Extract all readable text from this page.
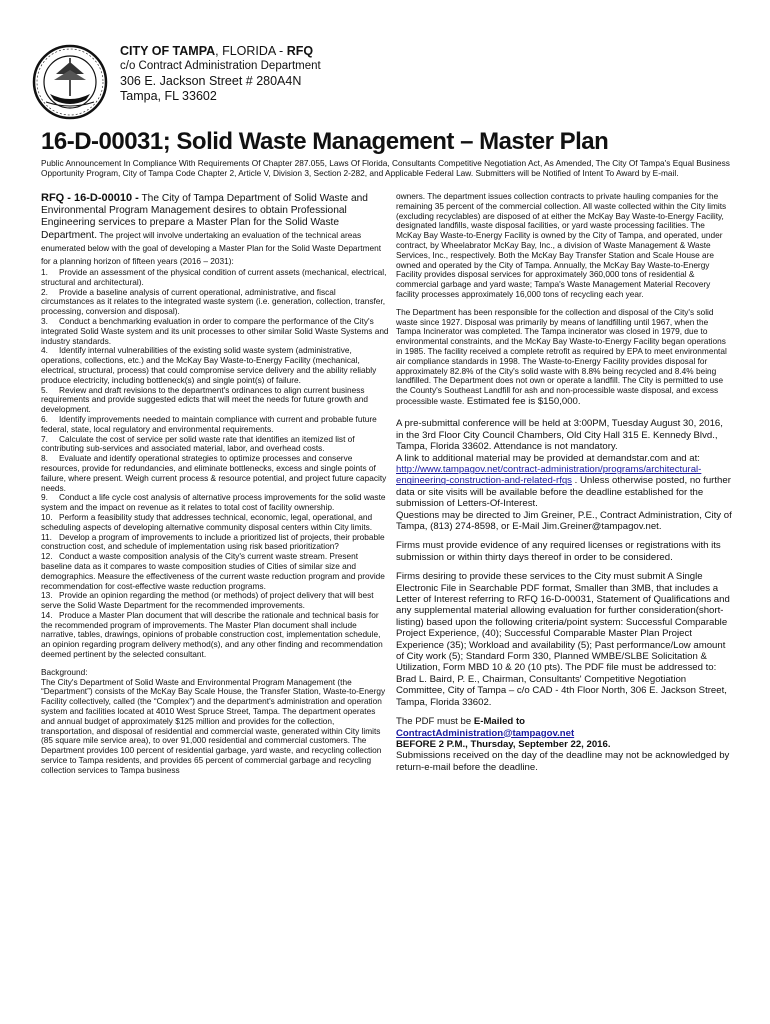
CITY OF TAMPA, FLORIDA - RFQ
c/o Contract Administration Department
306 E. Jackson Street # 280A4N
Tampa, FL 33602
16-D-00031; Solid Waste Management – Master Plan
Public Announcement In Compliance With Requirements Of Chapter 287.055, Laws Of Florida, Consultants Competitive Negotiation Act, As Amended, The City Of Tampa's Equal Business Opportunity Program, City of Tampa Code Chapter 2, Article V, Division 3, Section 2-282, and Applicable Federal Law. Submitters will be Notified of Intent To Award by E-mail.

RFQ - 16-D-00010 - The City of Tampa Department of Solid Waste and Environmental Program Management desires to obtain Professional Engineering services to prepare a Master Plan for the Solid Waste Department. The project will involve undertaking an evaluation of the technical areas enumerated below with the goal of developing a Master Plan for the Solid Waste Department for a planning horizon of fifteen years (2016 – 2031):

1. Provide an assessment of the physical condition of current assets (mechanical, electrical, structural and architectural).
2. Provide a baseline analysis of current operational, administrative, and fiscal circumstances as it relates to the integrated waste system (i.e. generation, collection, transfer, processing, conversion and disposal).
3. Conduct a benchmarking evaluation in order to compare the performance of the City's integrated Solid Waste system and its unit processes to other similar Solid Waste Systems and industry standards.
4. Identify internal vulnerabilities of the existing solid waste system (administrative, operations, collections, etc.) and the McKay Bay Waste-to-Energy Facility (mechanical, electrical, structural, process) that could compromise service delivery and the ability reliably produce electricity, including bottleneck(s) and single point(s) of failure.
5. Review and draft revisions to the department's ordinances to align current business requirements and provide suggested edicts that will meet the needs for future growth and development.
6. Identify improvements needed to maintain compliance with current and probable future federal, state, local regulatory and environmental requirements.
7. Calculate the cost of service per solid waste rate that identifies an itemized list of contributing sub-services and associated material, labor, and overhead costs.
8. Evaluate and identify operational strategies to optimize processes and conserve resources, provide for redundancies, and eliminate bottlenecks, excess and single points of failure, where present. Weigh current process & resource potential, and project future capacity needs.
9. Conduct a life cycle cost analysis of alternative process improvements for the solid waste system and the impact on revenue as it relates to total cost of facility ownership.
10. Perform a feasibility study that addresses technical, economic, legal, operational, and scheduling aspects of developing alternative community disposal centers within City limits.
11. Develop a program of improvements to include a prioritized list of projects, their probable construction cost, and schedule of implementation using risk based prioritization?
12. Conduct a waste composition analysis of the City's current waste stream. Present baseline data as it compares to waste composition studies of Cities of similar size and demographics. Measure the effectiveness of the current waste reduction program and provide recommendation for cost-effective waste reduction programs.
13. Provide an opinion regarding the method (or methods) of project delivery that will best serve the Solid Waste Department for the recommended improvements.
14. Produce a Master Plan document that will describe the rationale and technical basis for the recommended program of improvements. The Master Plan document shall include narrative, tables, drawings, opinions of probable construction cost, implementation schedule, an opinion regarding program delivery method(s), and any other finding and recommendation deemed pertinent by the selected consultant.

Background:

The City's Department of Solid Waste and Environmental Program Management (the “Department”) consists of the McKay Bay Scale House, the Transfer Station, Waste-to-Energy Facility collectively, called (the “Complex”) and the department's administration and operation system and facilities located at 4010 West Spruce Street, Tampa. The department operates and annual budget of approximately $125 million and provides for the collection, transportation, and disposal of residential and commercial waste, generated within City limits (85 square mile service area), to over 91,000 residential and commercial customers. The Department provides 100 percent of residential garbage, yard waste, and recycling collection service to Tampa residents, and provides 65 percent of commercial garbage and recycling collection services to Tampa business

owners. The department issues collection contracts to private hauling companies for the remaining 35 percent of the commercial collection. All waste collected within the City limits (excluding recyclables) are disposed of at either the McKay Bay Waste-to-Energy Facility, designated landfills, waste disposal facilities, or yard waste processing facilities. The McKay Bay Waste-to-Energy Facility is owned by the City of Tampa, and operated, under contract, by Wheelabrator McKay Bay, Inc., a division of Waste Management & Waste Services, Inc., respectively. Both the McKay Bay Transfer Station and Scale House are owned and operated by the City of Tampa. Annually, the McKay Bay Waste-to-Energy Facility provides disposal services for approximately 360,000 tons of residential & commercial garbage and yard waste; Tampa's Waste Management Material Recovery facility processes approximately 16,000 tons of recycling each year.

The Department has been responsible for the collection and disposal of the City's solid waste since 1927. Disposal was primarily by means of landfilling until 1967, when the Tampa Incinerator was completed. The Tampa incinerator was closed in 1979, due to environmental constraints, and the McKay Bay Waste-to-Energy Facility began operations in 1985. The facility received a complete retrofit as required by EPA to meet environmental air compliance standards in 1998. The Waste-to-Energy Facility provides disposal for approximately 82.8% of the City's solid waste with 8.8% being recycled and 8.4% being landfilled. The Department does not own or operate a landfill. The City is permitted to use the County's Southeast Landfill for ash and non-processible waste disposal, and excess processible waste. Estimated fee is $150,000.

A pre-submittal conference will be held at 3:00PM, Tuesday August 30, 2016, in the 3rd Floor City Council Chambers, Old City Hall 315 E. Kennedy Blvd., Tampa, Florida 33602. Attendance is not mandatory.

A link to additional material may be provided at demandstar.com and at: http://www.tampagov.net/contract-administration/programs/architectural-engineering-construction-and-related-rfqs . Unless otherwise posted, no further data or site visits will be available before the deadline established for the submission of Letters-Of-Interest.

Questions may be directed to Jim Greiner, P.E., Contract Administration, City of Tampa, (813) 274-8598, or E-Mail Jim.Greiner@tampagov.net.

Firms must provide evidence of any required licenses or registrations with its submission or within thirty days thereof in order to be considered.

Firms desiring to provide these services to the City must submit A Single Electronic File in Searchable PDF format, Smaller than 3MB, that includes a Letter of Interest referring to RFQ 16-D-00031, Statement of Qualifications and any supplemental material allowing evaluation for further consideration(short-listing) based upon the following criteria/point system: Successful Comparable Project Experience, (40); Successful Comparable Master Plan Project Experience (35); Workload and availability (5); Past performance/Low amount of City work (5); Standard Form 330, Planned WMBE/SLBE Solicitation & Utilization, Form MBD 10 & 20 (10 pts). The PDF file must be addressed to: Brad L. Baird, P. E., Chairman, Consultants' Competitive Negotiation Committee, City of Tampa – c/o CAD - 4th Floor North, 306 E. Jackson Street, Tampa, Florida 33602.

The PDF must be E-Mailed to

ContractAdministration@tampagov.net

BEFORE 2 P.M., Thursday, September 22, 2016.

Submissions received on the day of the deadline may not be acknowledged by return-e-mail before the deadline.
